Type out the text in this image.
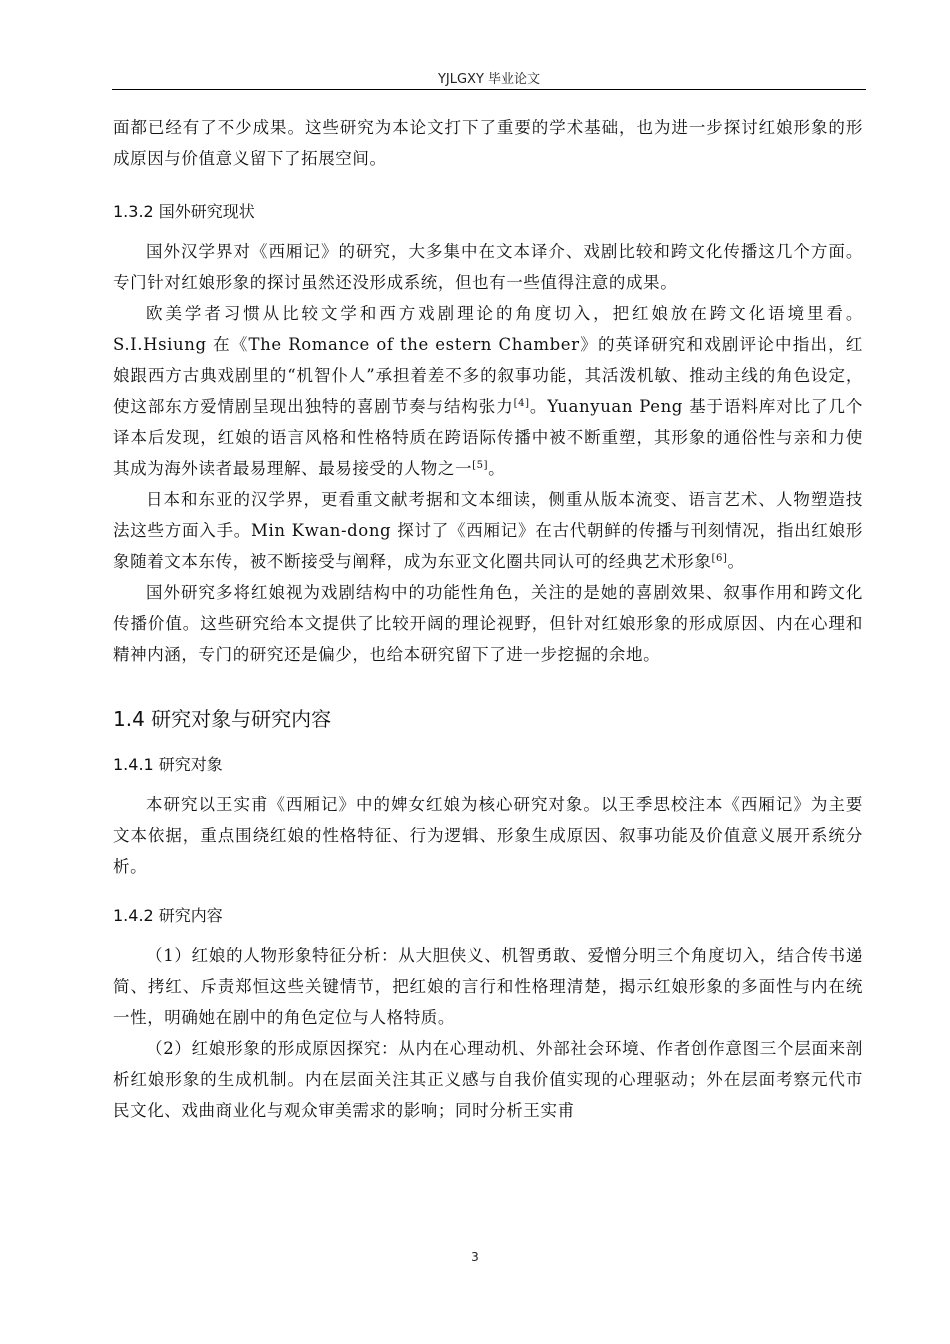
YJLGXY 毕业论文

面都已经有了不少成果。这些研究为本论文打下了重要的学术基础，也为进一步探讨红娘形象的形成原因与价值意义留下了拓展空间。

1.3.2 国外研究现状

国外汉学界对《西厢记》的研究，大多集中在文本译介、戏剧比较和跨文化传播这几个方面。专门针对红娘形象的探讨虽然还没形成系统，但也有一些值得注意的成果。

欧美学者习惯从比较文学和西方戏剧理论的角度切入，把红娘放在跨文化语境里看。S.I.Hsiung 在《The Romance of the estern Chamber》的英译研究和戏剧评论中指出，红娘跟西方古典戏剧里的“机智仆人”承担着差不多的叙事功能，其活泼机敏、推动主线的角色设定，使这部东方爱情剧呈现出独特的喜剧节奏与结构张力[4]。Yuanyuan Peng 基于语料库对比了几个译本后发现，红娘的语言风格和性格特质在跨语际传播中被不断重塑，其形象的通俗性与亲和力使其成为海外读者最易理解、最易接受的人物之一[5]。

日本和东亚的汉学界，更看重文献考据和文本细读，侧重从版本流变、语言艺术、人物塑造技法这些方面入手。Min Kwan-dong 探讨了《西厢记》在古代朝鲜的传播与刊刻情况，指出红娘形象随着文本东传，被不断接受与阐释，成为东亚文化圈共同认可的经典艺术形象[6]。

国外研究多将红娘视为戏剧结构中的功能性角色，关注的是她的喜剧效果、叙事作用和跨文化传播价值。这些研究给本文提供了比较开阔的理论视野，但针对红娘形象的形成原因、内在心理和精神内涵，专门的研究还是偏少，也给本研究留下了进一步挖掘的余地。

1.4 研究对象与研究内容
1.4.1 研究对象

本研究以王实甫《西厢记》中的婢女红娘为核心研究对象。以王季思校注本《西厢记》为主要文本依据，重点围绕红娘的性格特征、行为逻辑、形象生成原因、叙事功能及价值意义展开系统分析。

1.4.2 研究内容

（1）红娘的人物形象特征分析：从大胆侠义、机智勇敢、爱憎分明三个角度切入，结合传书递简、拷红、斥责郑恒这些关键情节，把红娘的言行和性格理清楚，揭示红娘形象的多面性与内在统一性，明确她在剧中的角色定位与人格特质。

（2）红娘形象的形成原因探究：从内在心理动机、外部社会环境、作者创作意图三个层面来剖析红娘形象的生成机制。内在层面关注其正义感与自我价值实现的心理驱动；外在层面考察元代市民文化、戏曲商业化与观众审美需求的影响；同时分析王实甫

3
